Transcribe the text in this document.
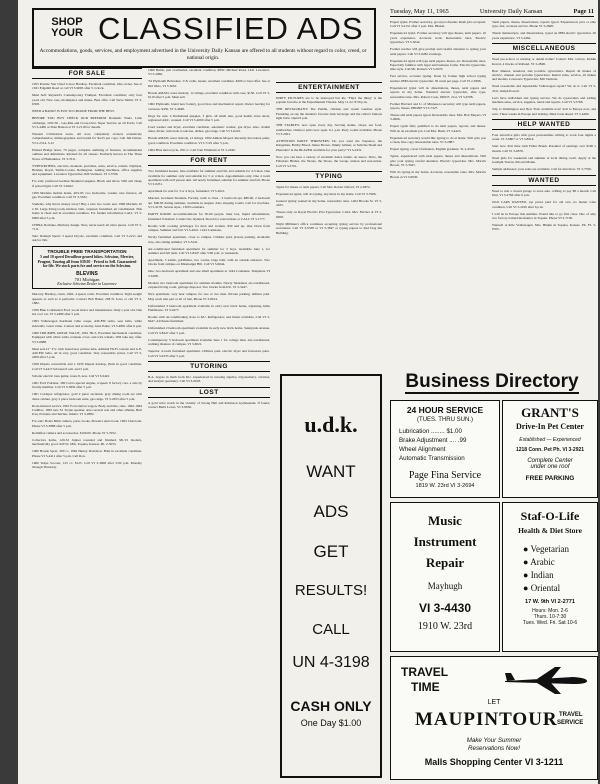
SHOP YOUR CLASSIFIED ADS
Accommodations, goods, services, and employment advertised in the University Daily Kansan are offered to all students without regard to color, creed, or national origin.
Tuesday, May 11, 1965	University Daily Kansan	Page 11
FOR SALE
1955 Pontiac Star Chief 2-door Hardtop. Excellent condition. One owner. See at 1631 Edgehill Road or call VI 3-9065 after 5 o'clock.
Must Sell: Reynold's Contemporary Trumpet. Excellent condition; only four years old. New case, mouthpiece and mutes. Best offer. Call Steve Smith, VI 3-6358.
NEED A BAND? IS FUN TO CHOOSE FROM THE BEST.
BEFORE YOU BUY CHECK OUR PREMIUM Domestic Fuels. Lube oilchange, 10W-30 - Gas-Rite and Cross-Over. Super Service on all Fords. Call VI 3-4400 or Dale Banton at VI 3-2118 for details.
Western Civilization notes. All now, completely revised, extensively comprehensive, mimeographed, and bound for $4.25 per copy. Call Jim Denna, VI 2-2514. 3-12
Printed Bridge notes, 70 pages, complete outlining of features, recommended outlines and definitions. Revised for all classes. Formerly known as The Three Notes of Humanities. VI 3-7011.
TYPEWRITERS, electrics, manuals, portables, sales, service, rentals. Olympia, Hermes, Royal, Smith-Corona. Remington. Adding machines, office supplies and equipment. Lawrence Typewriter, 826 Vermont. VI 3-5766.
For sale: preferred German Shepherd puppies. Black and silver. Will sell cheap if priced right. Call VI 3-6022.
1959 Marlette mobile home, 46'x10'; two bedrooms, washer, new furnace, all gas. Excellent condition. Call VI 3-5632.
Students, why throw money away? Buy a nice two room, new 1960 Marlette 10 x 50. Large living room, kitchen, bath, carpeted, furnished, air conditioned. This home is clean and in excellent condition. For further information CALL VI 3-6000 after 5 p.m.
CHINA-Noritake, Marbury design. New, never used; all extra pieces. Call VI 3-7111.
Sale: Raleigh Sports 3 speed bicycle, excellent condition. Call VI 3-2211 and ask for Jim.
TROUBLE FREE TRANSPORTATION
5 and 10 speed Derailleur geared bikes. Schwinn, Mercier, Peugeot, Touring all from $39.95 - Priced to Sell. Guaranteed for life. We stock parts for and service on the Schwinn.
BLEVINS
701 Michigan
Exclusive Schwinn Dealer in Lawrence
Mercury Hardtop, clean, 1962, 4 speed, radio. Excellent condition. Tight-weight appears as well as it performs. Contact Bob Baker, 208 N. Iowa or call VI 3-1882.
1956 Blue Continental Ford. Good motor and transmission. Only a year old. One hot cool car. VI 3-2489 after 5 p.m.
1963 Volkswagen Karmann Ghia coupe, AM-FM radio, seat belts, white sidewalls. Great value. Contact and economy. Glen Paine, VI 3-4881 after 6 p.m.
1960 TRIUMPH, GREAT VALUE, 1961 TR-3. Excellent mechanical condition. Equipped with white walls, tonneau cover, and wire wheels. Will take any offer. VI 3-6688.
Must sell-21" T.V. with brand new picture tube. Admiral Hi-Fi console and G.E. AM-FM radio, all in very good condition. Very reasonable prices. Call VI 3-2209 after 5 p.m.
1958 Impala convertible and a 1959 Impala hardtop. Both in good condition. Call VI 3-4417 between 9 a.m. and 5 p.m.
Scholar electric bass guitar, notes 8, new. Call VI 3-6422.
1961 Ford Fairlane, 390 Cobra special engine, 4 speed, 8 factory cars, a sale by faculty member. Call VI 3-5850 after 5 p.m.
1961 Coldspot refrigerator, gold 2 piece sectional, gray dining room set with china cabinet, gray 2 piece bedroom suite, gas range. VI 3-2655 after 5 p.m.
Rock-musical service 1961 Ford station wagon. Body and title, runs. 1962-1964 Cadillac, 1963 new 61 Trojan speaker. Also several reel and other albums, Burl Ives, Ferrante and Teicher, Odetta. VI 3-2882.
For sale: Bolex 8mm camera, parts, books, Bowen's Auto book. 1963 Chevrolet. Phone VI 3-3888 after 5 p.m.
Rolleiflex camera and accessories. $190.00. Phone VI 3-7052.
Collectors items, 120-32 Jupiter rounded and finished. Mi-T2 modern, mechanically good. 920 W. 18th, Topeka, Kansas. Ph. 2-5053.
1960 Honda Sport, 300 cc, 1962 Harley Davidson. Both in excellent condition. Phone VI 3-4411 after 5 p.m. Call Ron.
1960 Vespa Scooter, 125 cc. $125. Call VI 3-3608 after 5:00 p.m. Monday through Thursday.
1960 Buick, just overhauled, excellent condition, $850. Michael Road, 1441 Lawrence. VI 3-2966.
'54 Plymouth Belvedere, V-8, radio, heater, excellent condition. $200 or best offer. See at 822 Ohio, VI 3-3061.
Honda AMATI, tenor melody, 12 strings, excellent condition with case, $150. Call VI 3-6110 after 5 p.m. Must sell.
1962 Plymouth, brand new battery, good tires and mechanical repair. Owner leaving for overseas. $450. VI 3-4648.
Dogs for sale. 4 Dachshund puppies, 3 girls, all small size, good health, have shots, registered AKC, weaned. Call VI 3-4000 after 5 p.m.
Used washer and dryer, excellent condition, automatic washer, gas dryer. Also, Zenith tuner, divan, twin beds, bookcase, dishes, gas range. Call VI 3-6222.
Honda AMATI, tenor melody, 12 strings. 1962 Athlete Moped. Recently decorated, paint, good condition. Excellent condition. VI 3-7119 after 5 p.m.
1964 BSA motorcycle, 250 cc. Call Tom Windrum at VI 3-2040.
FOR RENT
Two furnished houses. One available for summer and fall, and suitable for 4-5 men. One available for summer only and suitable for 3 or 4 men. Appointments only. One 4 room apartment with an 8 person unit. All newly furnished, suitable for summer and fall. Phone VI 3-0231.
Apartment for rent for 3 or 4 boys, furnished. VI 3-2921.
Married, Graduate Students, Faculty, walk to class - 2 bedroom apt. $80.00, 2 bedroom apt. $90.00 during summer, available in August. Also sleeping rooms. Call for brochure. VI 3-4178. Sexton Apts., 1300 Louisiana.
PARTY ROOM: Accommodations for 30-60 people. Juke box, liquid refreshments, furnished if desired. Contact the Jayhawk Tavern for reservations or CALL VI 3-1777.
Rooms with cooking privileges for men and women. $30 and up. One block from campus. Summer and fall. VI 3-4941. 1244 Louisiana.
Nicely furnished apartment, close to campus. Utilities paid, private parking. Available now, also taking summer. VI 3-3241.
Air-conditioned furnished apartment for summer for 3 boys. Available June 1, for summer and fall term. Call VI 3-8447 after 5:00 p.m. or weekends.
Apartment, 3 adults, goldfishes, two rooms, large bath, with an outside entrance. Two blocks from campus on Mississippi Hill. Call VI 3-6644.
One, two-bedroom apartment and one small apartment at 1244 Louisiana. Telephone VI 3-6188.
Modern two bedroom apartment for summer months. Newly furnished, air-conditioned, carpeted living room, garbage disposal. Two blocks from KU. VI 3-3447.
Nice apartment, very near campus, for one or two men. Private parking, utilities paid. May work rent part or all of rent. Phone VI 3-8014.
Unfurnished 3 bedroom apartment available in early new brick home, adjoining Allen Fieldhouse. VI 3-0477.
Rooms with air-conditioning close to KU. Refrigerator, and linens available. Call VI 3-8447. All linens furnished.
Unfurnished 2 bedroom apartment available in early new brick home. Sunnyside Avenue. Call VI 3-8447 after 5 p.m.
Contemporary 3 bedroom apartment available June 1 for college men. Air-conditioned, walking distance of campus. VI 3-6021.
Superior 4-room furnished apartment. Utilities paid, electric dryer and fenced-in patio. Call VI 3-0333 after 5 p.m.
TUTORING
B.A. degree in math from KU, experienced in tutoring algebra, trigonometry, calculus, and analytic geometry. Call VI 3-6018.
LOST
A gold wrist watch in the vicinity of Strong Hall and Robinson Gymnasium. If found-contact Barbi Lewis, VI 3-8036.
ENTERTAINMENT
DIRTY PICTURES are to be destroyed but the "Flip's the thing" is the popular favorite at the Experimental Theatre. May 11-22. 8:30 p.m.
THE RESTAURANT: The Paddle, chicken and cream German style. Featuring on tap the student's favorite dark beverage and the cellar's famous light brew. Open 6 p.m.
THE STABLES: now open every day. Serving steaks, chops, sea food, sandwiches. Outdoor patio now open. 6-1 p.m. Party rooms available. Phone VI 3-2001.
ATTENTION PARTY THROWERS: Do you want the Vaqueros, the Kingsmen, Bobby Blood, James Brown, Jimmy Gilmer, or Sam the Sham and Pharaohs? Is the BLAZER available for your party? VI 3-2431.
Now you can hear a variety of excellent dance bands: on stereo. Dave, the Fabulous Blades, the Neons, the Shoes, the Group, unison and non-union. Call VI 3-2701.
TYPING
Typist for theses or term papers. Call Mrs. Robert Oxford, VI 2-0672.
Experienced typist, will do typing, any kind, in my home. Call VI 3-7906.
General typing wanted in my home, reasonable rates. 1404 Brooks St. VI 3-4165.
Theses only on Royal Electric Pica Typewriter. CALL Mrs. Fulcher at VI 3-6658.
Night Millikan's office continues accepting typing service by professional secretaries. Call VI 3-9338 or VI 3-3847 or typing papers to Red Dog Inn Building.
u.d.k.
WANT
ADS
GET
RESULTS!
CALL
UN 4-3198
CASH ONLY
One Day $1.00
Expert typist. Former secretary, good proofreader. Rush jobs accepted. Call VI 3-4151 after 5 p.m. Mrs. Hinkle.
Experienced typist. Former secretary will type theses, term papers. 10 years experience. Accurate work. Reasonable rates. Electric typewriter. VI 3-3044.
Former teacher will give prompt and careful attention to typing your term papers. Call VI 3-6282 evenings.
Experienced typist will type term papers, theses, etc. Reasonable rates. Especially familiar with legal and business forms. Electric typewriter, elite style. Call Mr. Roberts VI 3-2676.
Fast service, accurate typing. Done by former high school typing teacher. IBM electric typewriter. 30 cents per page. Call VI 2-6396.
Experienced typist will do dissertations, theses, term papers and reports in my home. Standard electric typewriter, elite type, reasonable rates. Mrs. Robert Cook, 2909 E. 21st, VI 3-6768.
Former Harvard and U. of Minnesota secretary will type term papers, reports, theses. PHONE VI 3-7327.
Theses and term papers typed. Reasonable rates. Mrs. Bob Meyers, VI 3-2666.
Expert typist fully qualified to do term papers, reports, and theses. Will do an excellent job. Call Mrs. Bush, VI 3-4423.
Experienced secretary would like typing to do at home. Will give you a clean, fine copy. Reasonable rates. VI 3-2887.
Expert typing, correct formation, English graduate. Tr. 2-4545.
Typist, experienced with term papers, theses and dissertations. Will give your typing careful attention. Electric typewriter. Mrs. Marvin Brown, VI 3-3047.
Will do typing in my home. Accurate, reasonable rates. Mrs. Marvin Brown at VI 3-6630.
Term papers, theses, dissertations, reports typed. Experienced, pica or elite type, fast, accurate service. Phone VI 3-2668.
Thesis manuscripts, and dissertations, typed on IBM electric typewriter. 20 years experience. VI 3-2462.
MISCELLANEOUS
Need pre-school or nursing or dental home? Contact Mrs. Glover, Kiddie Korral, 4 blocks of Rolland. VI 3-2848.
Best dinners, standard, and portable typewriters. Repair all makes of electric, manual and portable typewriters. Rental sales, service, all makes and models. Lawrence Typewriter, 826 Vermont.
Need reasonable and dependable Volkswagen repair? We do it. Call VI 3-4311, Ralph Powell.
Let's have individual and typing service. We do typewriters and adding machine sales, service, supplies, rental and repairs. Call VI 3-5766.
Trip to Washington and New York available now! Sail to Europe now, and save. Three weeks in Europe and visiting. Must book ahead. VI 3-4400.
HELP WANTED
Four attractive girls with good personalities willing to work four nights a week. VI 3-6807 or VI 3-8616.
Start now. Part time with Fuller Brush. Potential of earnings over $100 a month. Call VI 3-6676.
Need girls for weekends and summer at local dining room. Apply at the Gaslight Tavern, 9th and Maine.
Sample addresses: your sales are available. Call for interview. VI 3-7766.
WANTED
Need to rent a closed garage to store auto, willing to pay $8 a month. Call Dan, VI 3-2766 after 6 p.m.
OLD CARS WANTED, top prices paid for old cars, no matter what condition. Call VI 3-2010 after 6 p.m.
I will be in Europe this summer. Would like to go first class. One of only two factory trained mechanics in Topeka. Phone VI 3-7100.
Wanted! A little Volkswagen. Mrs. Hinkle in Topeka, Kansas. Ph. FL 3-0555.
Business Directory
24 HOUR SERVICE
(TUES. THRU SUN.)
Lubrication ........ $1.00
Brake Adjustment .... .99
Wheel Alignment
Automatic Transmission
Page Fina Service
1819 W. 23rd VI 3-2694
GRANT'S
Drive-In Pet Center
Established — Experienced
1218 Conn. Pet Ph. VI 3-2921
Complete Center
under one roof
FREE PARKING
Music
Instrument
Repair
Mayhugh
VI 3-4430
1910 W. 23rd
Staf-O-Life
Health & Diet Store
● Vegetarian
● Arabic
● Indian
● Oriental
17 W. 9th VI 2-2771
Hours: Mon. 2-6
Thurs. 10-7:30
Tues. Wed. Fri. Sat 10-6
TRAVEL
TIME
LET
MAUPINTOUR TRAVEL
SERVICE
Make Your Summer
Reservations Now!
Malls Shopping Center VI 3-1211
